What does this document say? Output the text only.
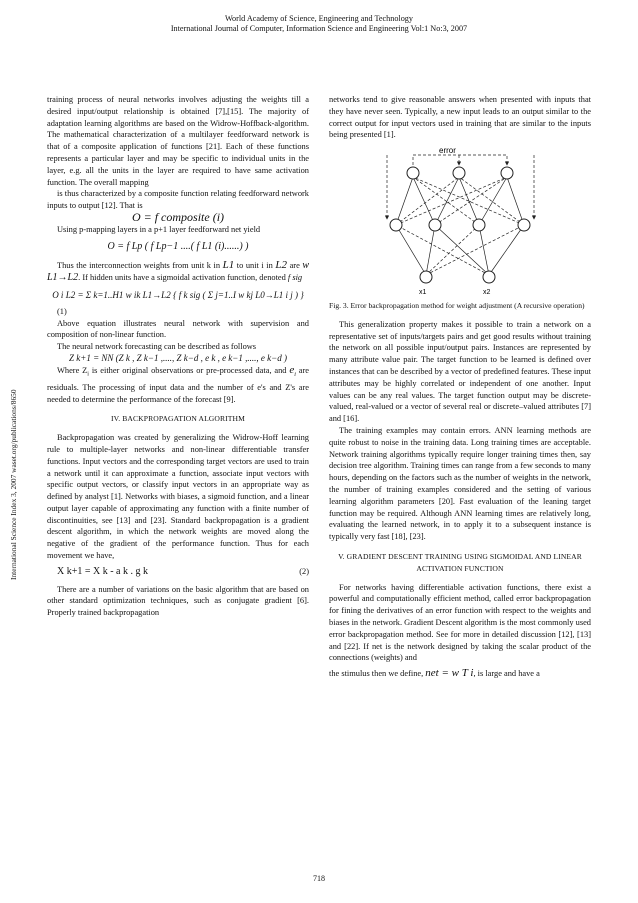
World Academy of Science, Engineering and Technology
International Journal of Computer, Information Science and Engineering Vol:1 No:3, 2007
International Science Index 3, 2007 waset.org/publications/8650

training process of neural networks involves adjusting the weights till a desired input/output relationship is obtained [7],[15]. The majority of adaptation learning algorithms are based on the Widrow-Hoffback-algorithm. The mathematical characterization of a multilayer feedforward network is that of a composite application of functions [21]. Each of these functions represents a particular layer and may be specific to individual units in the layer, e.g. all the units in the layer are required to have same activation function. The overall mapping

is thus characterized by a composite function relating feedforward network inputs to output [12]. That is

O = f composite (i)

Using p-mapping layers in a p+1 layer feedforward net yield

O = f Lp ( f Lp−1 ....( f L1 (i)......) )

Thus the interconnection weights from unit k in L1 to unit i in L2 are w L1→L2. If hidden units have a sigmoidal activation function, denoted f sig

O i L2 = Σ k=1..H1 w ik L1→L2 { f k sig ( Σ j=1..I w kj L0→L1 i j ) }

(1)

Above equation illustrates neural network with supervision and composition of non-linear function.

The neural network forecasting can be described as follows

Z k+1 = NN (Z k , Z k−1 ,...., Z k−d , e k , e k−1 ,...., e k−d )

Where $Z_i$ is either original observations or pre-processed data, and $e_i$ are residuals. The processing of input data and the number of e's and Z's are needed to determine the performance of the forecast [9].

IV. BACKPROPAGATION ALGORITHM

Backpropagation was created by generalizing the Widrow-Hoff learning rule to multiple-layer networks and non-linear differentiable transfer functions. Input vectors and the corresponding target vectors are used to train a network until it can approximate a function, associate input vectors with specific output vectors, or classify input vectors in an appropriate way as defined by analyst [1]. Networks with biases, a sigmoid function, and a linear output layer capable of approximating any function with a finite number of discontinuities, see [13] and [23]. Standard backpropagation is a gradient descent algorithm, in which the network weights are moved along the negative of the gradient of the performance function. Thus for each movement we have,

X k+1 = X k - a k . g k	(2)

There are a number of variations on the basic algorithm that are based on other standard optimization techniques, such as conjugate gradient [6]. Properly trained backpropagation

networks tend to give reasonable answers when presented with inputs that they have never seen. Typically, a new input leads to an output similar to the correct output for input vectors used in training that are similar to the inputs being presented [1].

error
x1	x2
Fig. 3. Error backpropagation method for weight adjustment (A recursive operation)

This generalization property makes it possible to train a network on a representative set of inputs/targets pairs and get good results without training the network on all possible input/output pairs. Instances are represented by many attribute value pair. The target function to be learned is defined over instances that can be described by a vector of predefined features. These input attributes may be highly correlated or independent of one another. Input values can be any real values. The target function output may be discrete-valued, real-valued or a vector of several real or discrete–valued attributes [7] and [16].

The training examples may contain errors. ANN learning methods are quite robust to noise in the training data. Long training times are acceptable. Network training algorithms typically require longer training times then, say decision tree algorithm. Training times can range from a few seconds to many hours, depending on the factors such as the number of weights in the network, the number of training examples considered and the setting of various learning algorithm parameters [20]. Fast evaluation of the leaning target function may be required. Although ANN learning times are relatively long, evaluating the learned network, in to apply it to a subsequent instance is typically very fast [18], [23].

V. GRADIENT DESCENT TRAINING USING SIGMOIDAL AND LINEAR ACTIVATION FUNCTION

For networks having differentiable activation functions, there exist a powerful and computationally efficient method, called error backpropagation for fining the derivatives of an error function with respect to the weights and biases in the network. Gradient Descent algorithm is the most commonly used error backpropagation method. See for more in detailed discussion [12], [13] and [22]. If net is the network designed by taking the scalar product of the connections (weights) and

the stimulus then we define, net = w T i, is large and have a

718
